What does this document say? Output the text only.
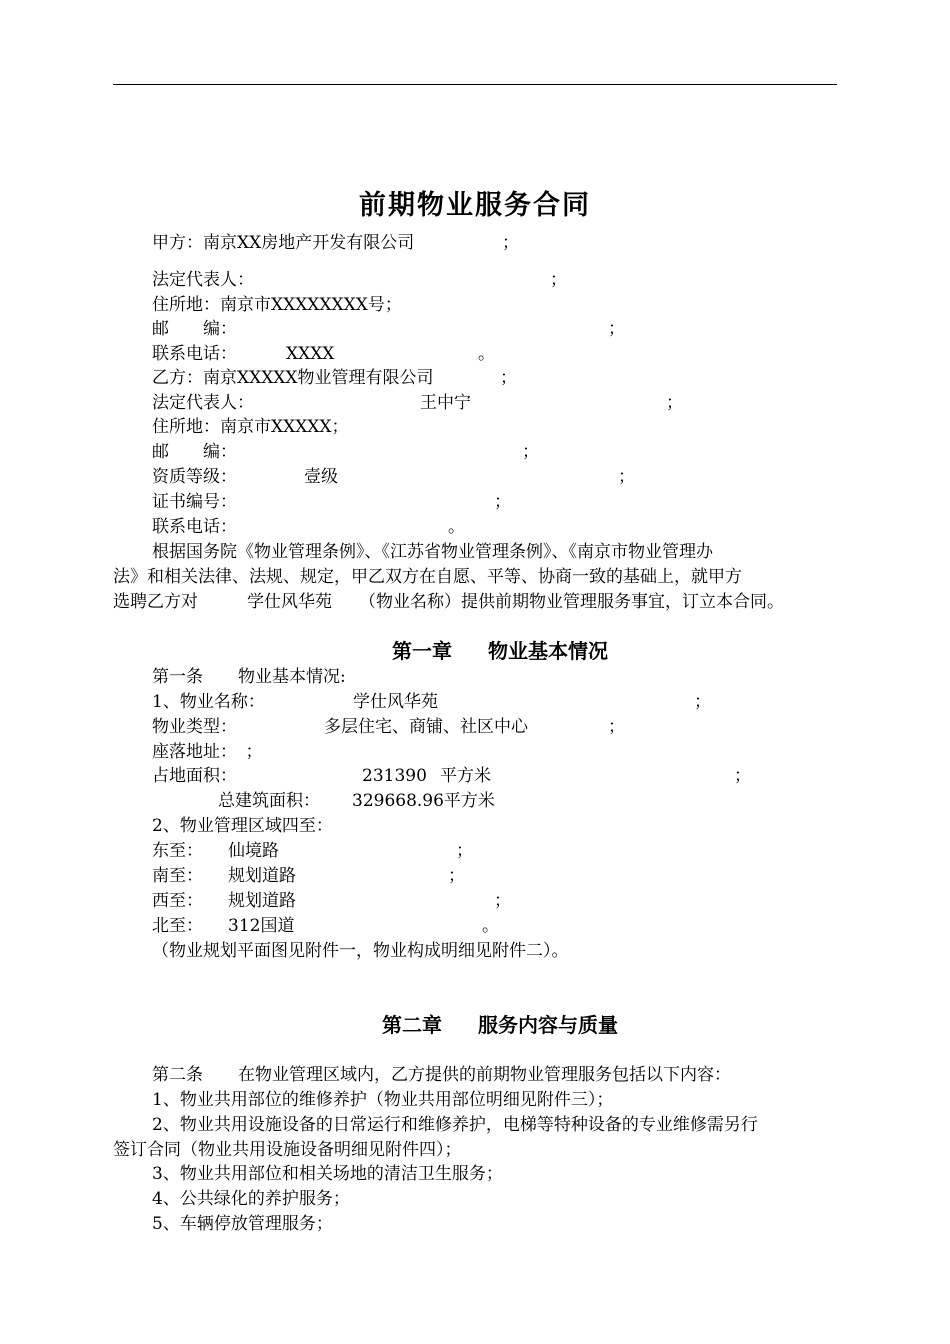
前期物业服务合同
甲方：南京XX房地产开发有限公司	；
法定代表人：	；
住所地：南京市XXXXXXXX号；
邮　　编：	；
联系电话：	XXXX	。
乙方：南京XXXXX物业管理有限公司	；
法定代表人：	王中宁	；
住所地：南京市XXXXX；
邮　　编：	；
资质等级：	壹级	；
证书编号：	；
联系电话：	。
根据国务院《物业管理条例》、《江苏省物业管理条例》、《南京市物业管理办
法》和相关法律、法规、规定，甲乙双方在自愿、平等、协商一致的基础上，就甲方
选聘乙方对	学仕风华苑 （物业名称）提供前期物业管理服务事宜，订立本合同。
第一章 物业基本情况
第一条 物业基本情况:
1、物业名称：	学仕风华苑	；
物业类型：	多层住宅、商铺、社区中心	；
座落地址：　；
占地面积：	231390 平方米	；
总建筑面积： 329668.96平方米
2、物业管理区域四至：
东至： 仙境路	；
南至： 规划道路	；
西至： 规划道路	；
北至： 312国道	。
（物业规划平面图见附件一，物业构成明细见附件二）。
第二章 服务内容与质量
第二条 在物业管理区域内，乙方提供的前期物业管理服务包括以下内容：
1、物业共用部位的维修养护（物业共用部位明细见附件三）；
2、物业共用设施设备的日常运行和维修养护，电梯等特种设备的专业维修需另行
签订合同（物业共用设施设备明细见附件四）；
3、物业共用部位和相关场地的清洁卫生服务；
4、公共绿化的养护服务；
5、车辆停放管理服务；
